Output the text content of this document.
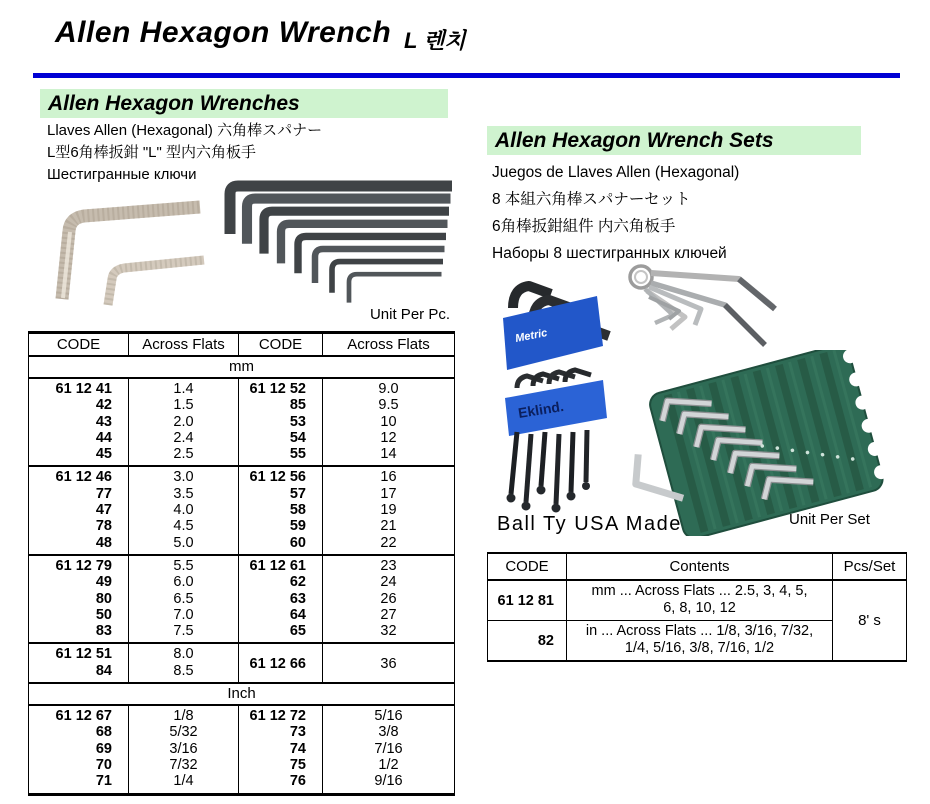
Allen Hexagon Wrench L 렌치
Allen Hexagon Wrenches
Llaves Allen (Hexagonal) 六角棒スパナー
L型6角棒扳鉗 "L" 型内六角板手
Шестигранные ключи
Unit Per Pc.
CODE	Across Flats	CODE	Across Flats
mm			
61 12 41	1.4	61 12 52	9.0
42	1.5	85	9.5
43	2.0	53	10
44	2.4	54	12
45	2.5	55	14
61 12 46	3.0	61 12 56	16
77	3.5	57	17
47	4.0	58	19
78	4.5	59	21
48	5.0	60	22
61 12 79	5.5	61 12 61	23
49	6.0	62	24
80	6.5	63	26
50	7.0	64	27
83	7.5	65	32
61 12 51	8.0	61 12 66	36
84	8.5		
Inch			
61 12 67	1/8	61 12 72	5/16
68	5/32	73	3/8
69	3/16	74	7/16
70	7/32	75	1/2
71	1/4	76	9/16
Allen Hexagon Wrench Sets
Juegos de Llaves Allen (Hexagonal)
8 本組六角棒スパナーセット
6角棒扳鉗組件 内六角板手
Наборы 8 шестигранных ключей
Metric
Eklind.
Ball Ty USA Made	Unit Per Set
CODE	Contents	Pcs/Set
61 12 81	mm ... Across Flats ... 2.5, 3, 4, 5,
6, 8, 10, 12	8' s
82	in ... Across Flats ... 1/8, 3/16, 7/32,
1/4, 5/16, 3/8, 7/16, 1/2	
